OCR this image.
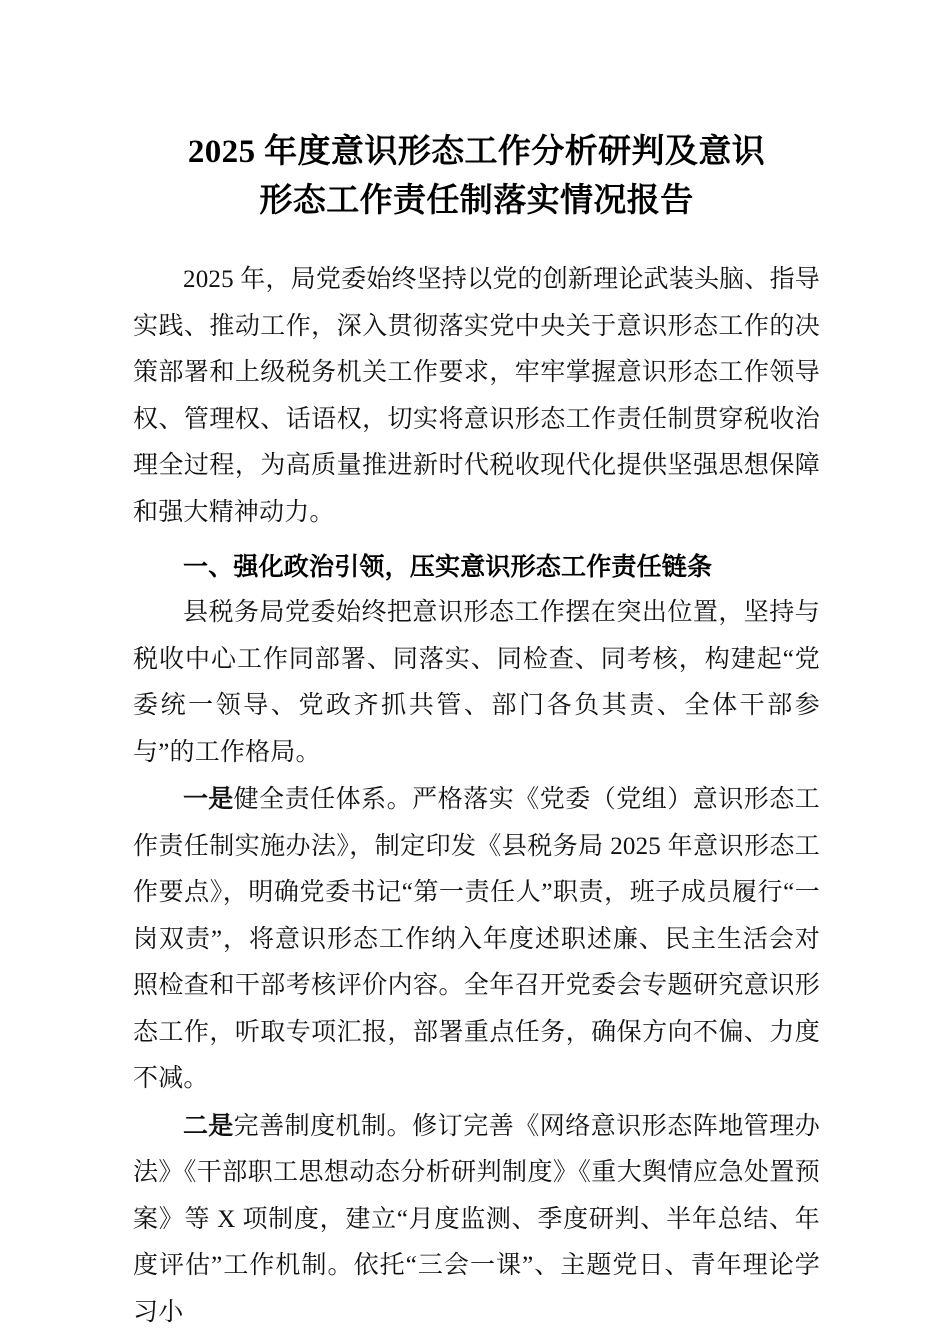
2025 年度意识形态工作分析研判及意识
形态工作责任制落实情况报告

2025 年，局党委始终坚持以党的创新理论武装头脑、指导实践、推动工作，深入贯彻落实党中央关于意识形态工作的决策部署和上级税务机关工作要求，牢牢掌握意识形态工作领导权、管理权、话语权，切实将意识形态工作责任制贯穿税收治理全过程，为高质量推进新时代税收现代化提供坚强思想保障和强大精神动力。

一、强化政治引领，压实意识形态工作责任链条

县税务局党委始终把意识形态工作摆在突出位置，坚持与税收中心工作同部署、同落实、同检查、同考核，构建起“党委统一领导、党政齐抓共管、部门各负其责、全体干部参与”的工作格局。

一是健全责任体系。严格落实《党委（党组）意识形态工作责任制实施办法》，制定印发《县税务局 2025 年意识形态工作要点》，明确党委书记“第一责任人”职责，班子成员履行“一岗双责”，将意识形态工作纳入年度述职述廉、民主生活会对照检查和干部考核评价内容。全年召开党委会专题研究意识形态工作，听取专项汇报，部署重点任务，确保方向不偏、力度不减。

二是完善制度机制。修订完善《网络意识形态阵地管理办法》《干部职工思想动态分析研判制度》《重大舆情应急处置预案》等 X 项制度，建立“月度监测、季度研判、半年总结、年度评估”工作机制。依托“三会一课”、主题党日、青年理论学习小
